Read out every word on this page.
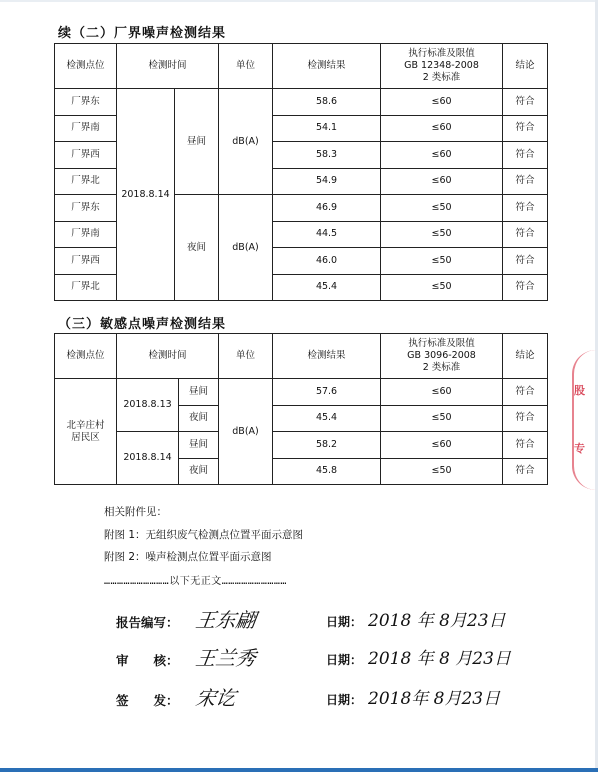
续（二）厂界噪声检测结果
检测点位	检测时间		单位	检测结果	执行标准及限值
GB 12348-2008
2 类标准	结论
厂界东	2018.8.14	昼间	dB(A)	58.6	≤60	符合
厂界南				54.1	≤60	符合
厂界西				58.3	≤60	符合
厂界北				54.9	≤60	符合
厂界东		夜间	dB(A)	46.9	≤50	符合
厂界南				44.5	≤50	符合
厂界西				46.0	≤50	符合
厂界北				45.4	≤50	符合
（三）敏感点噪声检测结果
检测点位	检测时间		单位	检测结果	执行标准及限值
GB 3096-2008
2 类标准	结论

北辛庄村
居民区	2018.8.13	昼间	dB(A)	57.6	≤60	符合
		夜间		45.4	≤50	符合
	2018.8.14	昼间		58.2	≤60	符合
		夜间		45.8	≤50	符合
相关附件见：
附图 1：无组织废气检测点位置平面示意图
附图 2：噪声检测点位置平面示意图
…………………………以下无正文…………………………
报告编写： 王东翩	日期： 2018 年 8月23日
审　　核： 王兰秀	日期： 2018 年 8 月23日
签　　发： 宋讫	日期： 2018年 8月23日
股
专
